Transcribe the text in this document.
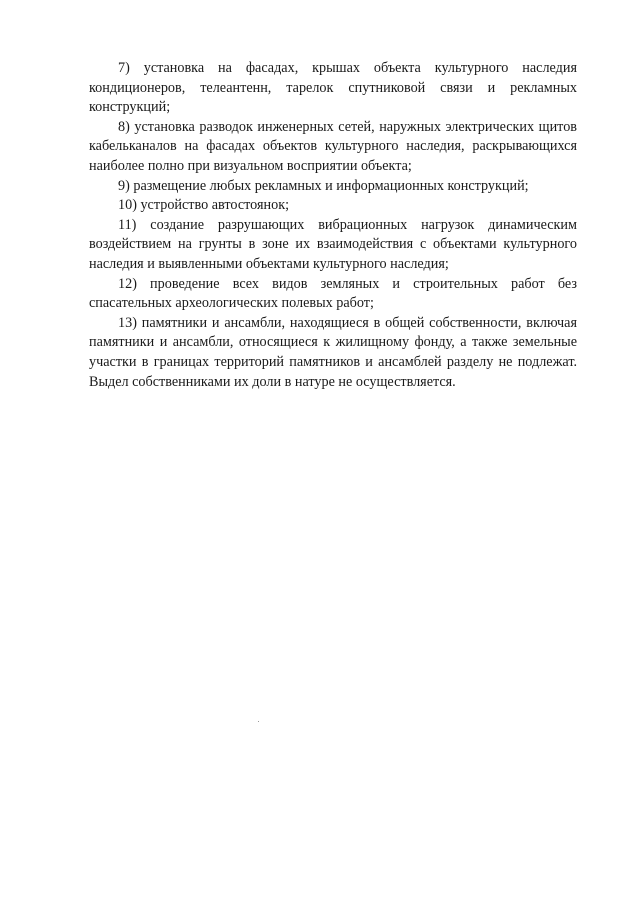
7) установка на фасадах, крышах объекта культурного наследия кондиционеров, телеантенн, тарелок спутниковой связи и рекламных конструкций;

8) установка разводок инженерных сетей, наружных электрических щитов кабельканалов на фасадах объектов культурного наследия, раскрывающихся наиболее полно при визуальном восприятии объекта;

9) размещение любых рекламных и информационных конструкций;

10) устройство автостоянок;

11) создание разрушающих вибрационных нагрузок динамическим воздействием на грунты в зоне их взаимодействия с объектами культурного наследия и выявленными объектами культурного наследия;

12) проведение всех видов земляных и строительных работ без спасательных археологических полевых работ;

13) памятники и ансамбли, находящиеся в общей собственности, включая памятники и ансамбли, относящиеся к жилищному фонду, а также земельные участки в границах территорий памятников и ансамблей разделу не подлежат. Выдел собственниками их доли в натуре не осуществляется.
